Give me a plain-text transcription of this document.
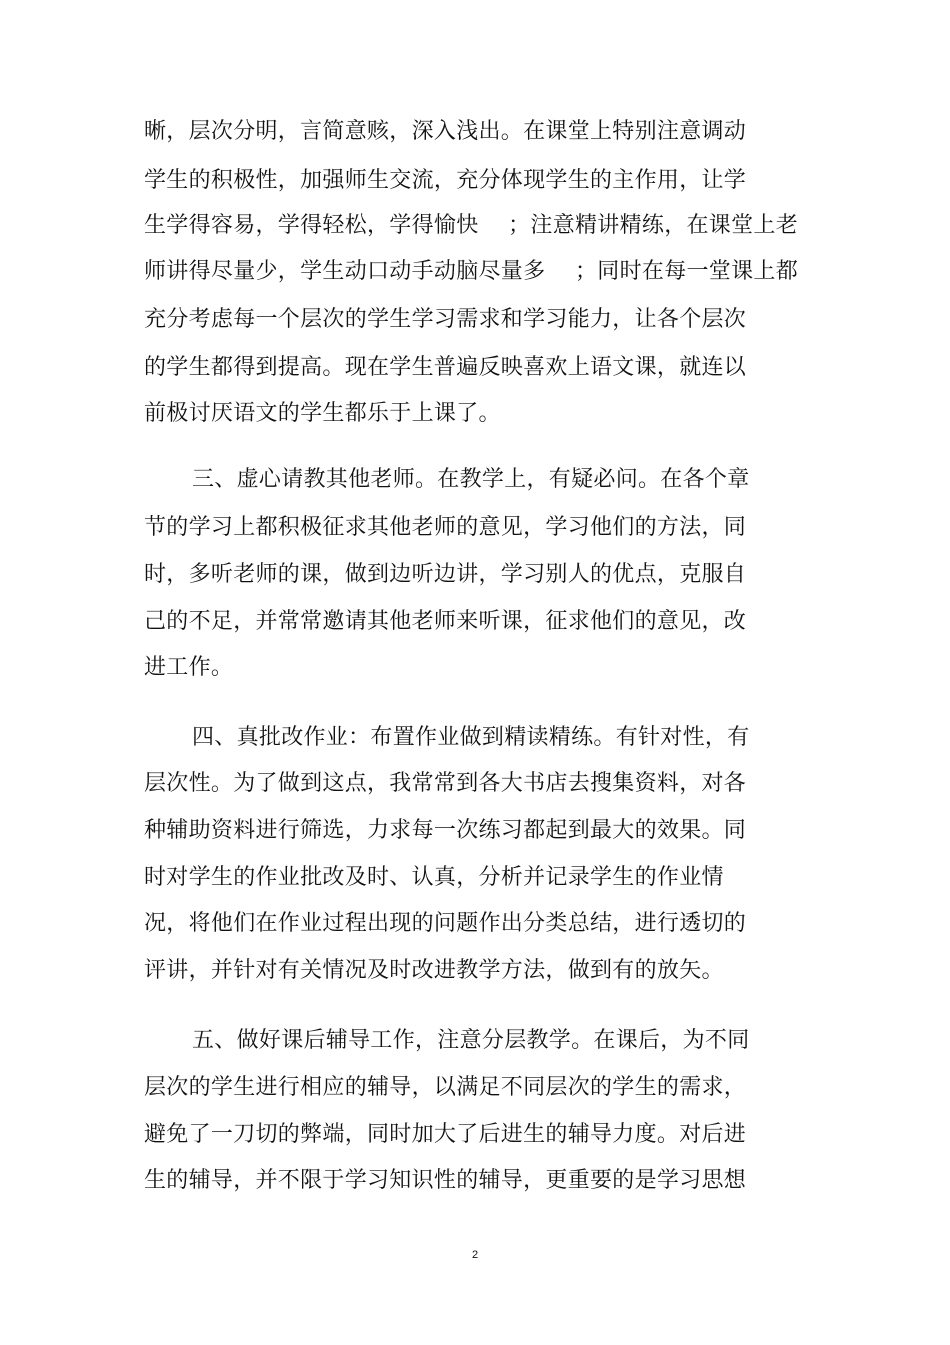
晰，层次分明，言简意赅，深入浅出。在课堂上特别注意调动
学生的积极性，加强师生交流，充分体现学生的主作用，让学
生学得容易，学得轻松，学得愉快　 ；注意精讲精练，在课堂上老
师讲得尽量少，学生动口动手动脑尽量多　 ；同时在每一堂课上都
充分考虑每一个层次的学生学习需求和学习能力，让各个层次
的学生都得到提高。现在学生普遍反映喜欢上语文课，就连以
前极讨厌语文的学生都乐于上课了。
三、虚心请教其他老师。在教学上，有疑必问。在各个章
节的学习上都积极征求其他老师的意见，学习他们的方法，同
时，多听老师的课，做到边听边讲，学习别人的优点，克服自
己的不足，并常常邀请其他老师来听课，征求他们的意见，改
进工作。
四、真批改作业：布置作业做到精读精练。有针对性，有
层次性。为了做到这点，我常常到各大书店去搜集资料，对各
种辅助资料进行筛选，力求每一次练习都起到最大的效果。同
时对学生的作业批改及时、认真，分析并记录学生的作业情
况，将他们在作业过程出现的问题作出分类总结，进行透切的
评讲，并针对有关情况及时改进教学方法，做到有的放矢。
五、做好课后辅导工作，注意分层教学。在课后，为不同
层次的学生进行相应的辅导，以满足不同层次的学生的需求，
避免了一刀切的弊端，同时加大了后进生的辅导力度。对后进
生的辅导，并不限于学习知识性的辅导，更重要的是学习思想
2
